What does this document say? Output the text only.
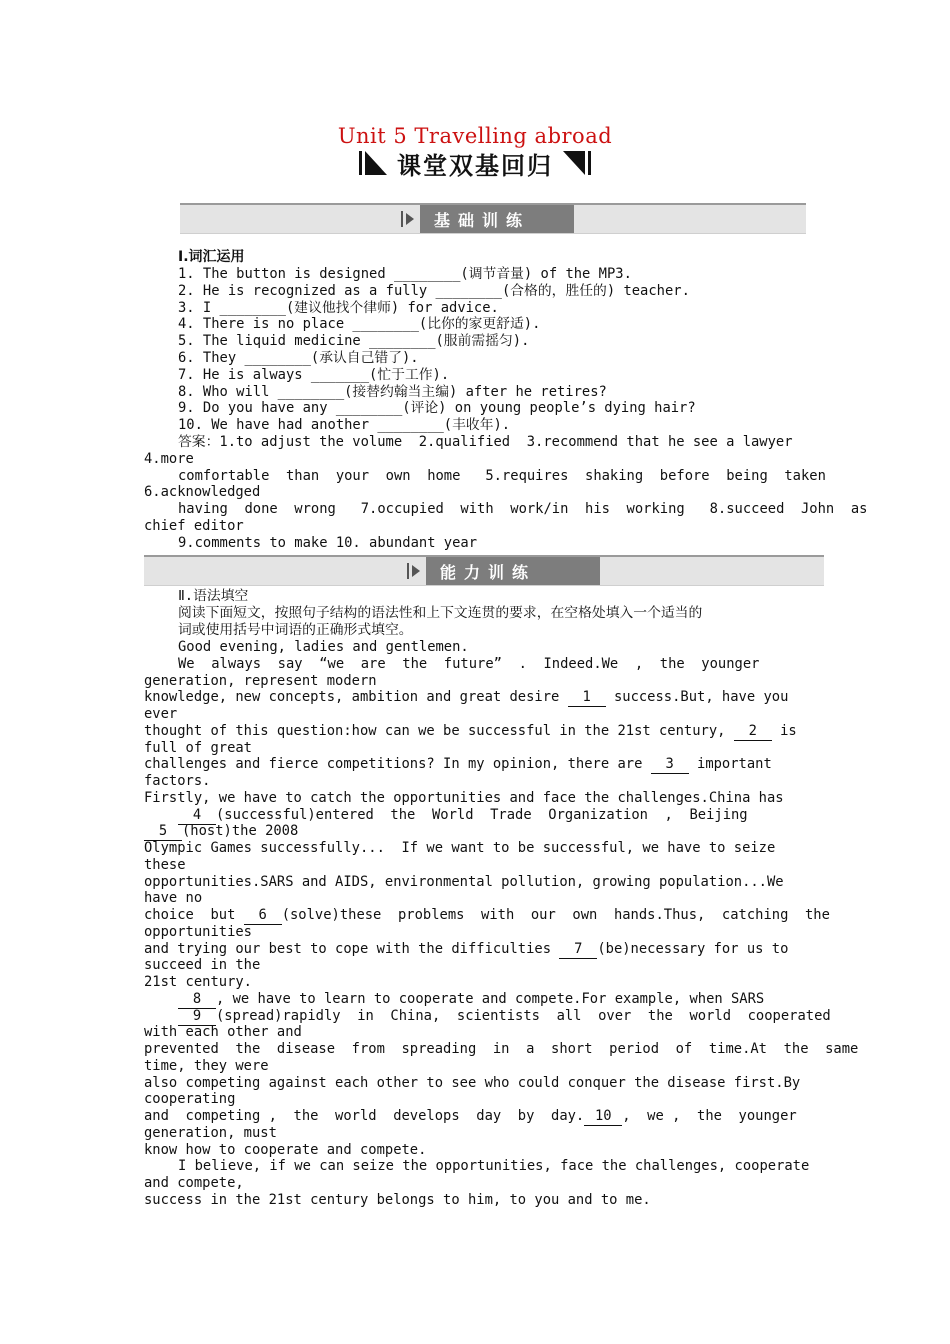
Unit 5 Travelling abroad
课堂双基回归
基础训练
能力训练
Ⅰ.词汇运用
1. The button is designed ________(调节音量) of the MP3.
2. He is recognized as a fully ________(合格的，胜任的) teacher.
3. I ________(建议他找个律师) for advice.
4. There is no place ________(比你的家更舒适).
5. The liquid medicine ________(服前需摇匀).
6. They ________(承认自己错了).
7. He is always _______(忙于工作).
8. Who will ________(接替约翰当主编) after he retires?
9. Do you have any ________(评论) on young people’s dying hair?
10. We have had another ________(丰收年).
答案：1.to adjust the volume  2.qualified  3.recommend that he see a lawyer
4.more
comfortable  than  your  own  home   5.requires  shaking  before  being  taken
6.acknowledged
having  done  wrong   7.occupied  with  work/in  his  working   8.succeed  John  as
chief editor
9.comments to make 10. abundant year
Ⅱ.语法填空
阅读下面短文，按照句子结构的语法性和上下文连贯的要求，在空格处填入一个适当的
词或使用括号中词语的正确形式填空。
Good evening, ladies and gentlemen.
We  always  say  “we  are  the  future”  .  Indeed.We  ,  the  younger
generation, represent modern
knowledge, new concepts, ambition and great desire 1 success.But, have you
ever
thought of this question:how can we be successful in the 21st century, 2 is
full of great
challenges and fierce competitions? In my opinion, there are 3 important
factors.
Firstly, we have to catch the opportunities and face the challenges.China has
4 (successful)entered  the  World  Trade  Organization  ,  Beijing
5 (host)the 2008
Olympic Games successfully...  If we want to be successful, we have to seize
these
opportunities.SARS and AIDS, environmental pollution, growing population...We
have no
choice  but 6 (solve)these  problems  with  our  own  hands.Thus,  catching  the
opportunities
and trying our best to cope with the difficulties 7 (be)necessary for us to
succeed in the
21st century.
8 , we have to learn to cooperate and compete.For example, when SARS
9 (spread)rapidly  in  China,  scientists  all  over  the  world  cooperated
with each other and
prevented  the  disease  from  spreading  in  a  short  period  of  time.At  the  same
time, they were
also competing against each other to see who could conquer the disease first.By
cooperating
and  competing ,  the  world  develops  day  by  day. 10 ,  we ,  the  younger
generation, must
know how to cooperate and compete.
I believe, if we can seize the opportunities, face the challenges, cooperate
and compete,
success in the 21st century belongs to him, to you and to me.
